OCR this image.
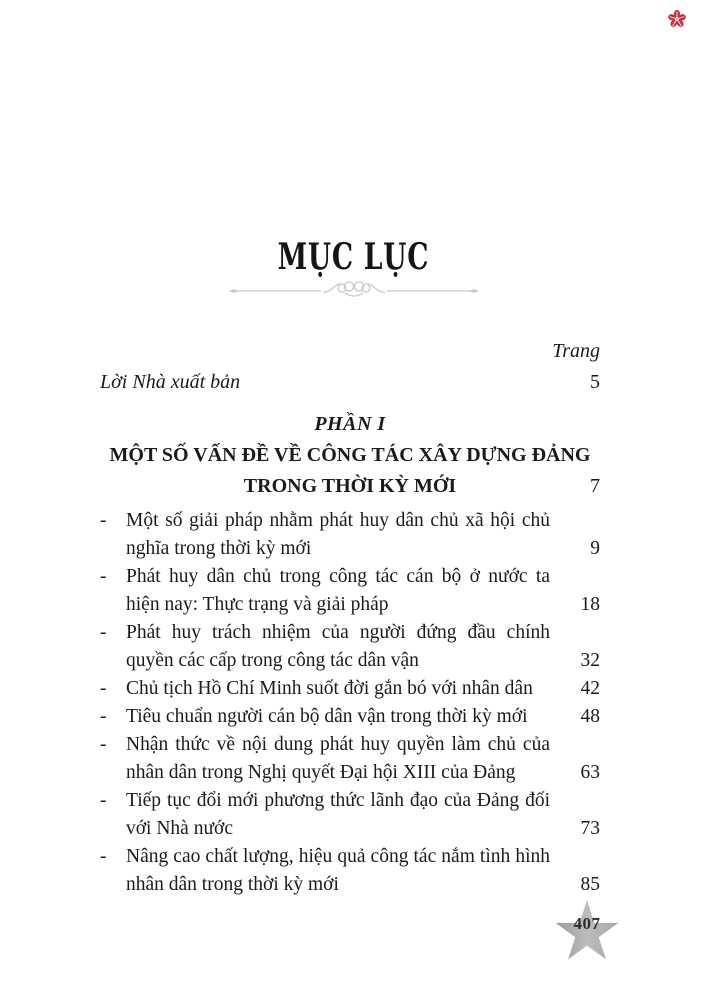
MỤC LỤC
Trang
Lời Nhà xuất bản	5
PHẦN I
MỘT SỐ VẤN ĐỀ VỀ CÔNG TÁC XÂY DỰNG ĐẢNG
TRONG THỜI KỲ MỚI	7
-	Một số giải pháp nhằm phát huy dân chủ xã hội chủ nghĩa trong thời kỳ mới	9
-	Phát huy dân chủ trong công tác cán bộ ở nước ta hiện nay: Thực trạng và giải pháp	18
-	Phát huy trách nhiệm của người đứng đầu chính quyền các cấp trong công tác dân vận	32
-	Chủ tịch Hồ Chí Minh suốt đời gắn bó với nhân dân	42
-	Tiêu chuẩn người cán bộ dân vận trong thời kỳ mới	48
-	Nhận thức về nội dung phát huy quyền làm chủ của nhân dân trong Nghị quyết Đại hội XIII của Đảng	63
-	Tiếp tục đổi mới phương thức lãnh đạo của Đảng đối với Nhà nước	73
-	Nâng cao chất lượng, hiệu quả công tác nắm tình hình nhân dân trong thời kỳ mới	85
407
